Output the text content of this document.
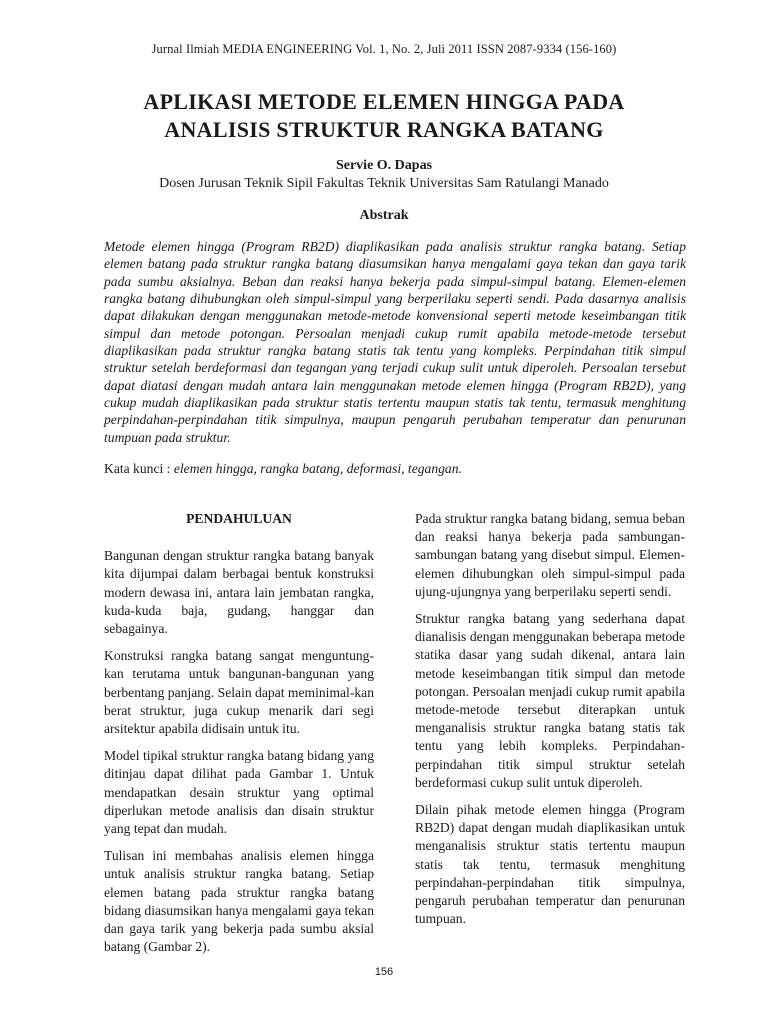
Jurnal Ilmiah MEDIA ENGINEERING Vol. 1, No. 2, Juli 2011 ISSN 2087-9334 (156-160)
APLIKASI METODE ELEMEN HINGGA PADA
ANALISIS STRUKTUR RANGKA BATANG
Servie O. Dapas
Dosen Jurusan Teknik Sipil Fakultas Teknik Universitas Sam Ratulangi Manado
Abstrak
Metode elemen hingga (Program RB2D) diaplikasikan pada analisis struktur rangka batang. Setiap elemen batang pada struktur rangka batang diasumsikan hanya mengalami gaya tekan dan gaya tarik pada sumbu aksialnya. Beban dan reaksi hanya bekerja pada simpul-simpul batang. Elemen-elemen rangka batang dihubungkan oleh simpul-simpul yang berperilaku seperti sendi. Pada dasarnya analisis dapat dilakukan dengan menggunakan metode-metode konvensional seperti metode keseimbangan titik simpul dan metode potongan. Persoalan menjadi cukup rumit apabila metode-metode tersebut diaplikasikan pada struktur rangka batang statis tak tentu yang kompleks. Perpindahan titik simpul struktur setelah berdeformasi dan tegangan yang terjadi cukup sulit untuk diperoleh. Persoalan tersebut dapat diatasi dengan mudah antara lain menggunakan metode elemen hingga (Program RB2D), yang cukup mudah diaplikasikan pada struktur statis tertentu maupun statis tak tentu, termasuk menghitung perpindahan-perpindahan titik simpulnya, maupun pengaruh perubahan temperatur dan penurunan tumpuan pada struktur.
Kata kunci : elemen hingga, rangka batang, deformasi, tegangan.
PENDAHULUAN

Bangunan dengan struktur rangka batang banyak kita dijumpai dalam berbagai bentuk konstruksi modern dewasa ini, antara lain jembatan rangka, kuda-kuda baja, gudang, hanggar dan sebagainya.

Konstruksi rangka batang sangat menguntung-kan terutama untuk bangunan-bangunan yang berbentang panjang. Selain dapat meminimal-kan berat struktur, juga cukup menarik dari segi arsitektur apabila didisain untuk itu.

Model tipikal struktur rangka batang bidang yang ditinjau dapat dilihat pada Gambar 1. Untuk mendapatkan desain struktur yang optimal diperlukan metode analisis dan disain struktur yang tepat dan mudah.

Tulisan ini membahas analisis elemen hingga untuk analisis struktur rangka batang. Setiap elemen batang pada struktur rangka batang bidang diasumsikan hanya mengalami gaya tekan dan gaya tarik yang bekerja pada sumbu aksial batang (Gambar 2).

Pada struktur rangka batang bidang, semua beban dan reaksi hanya bekerja pada sambungan-sambungan batang yang disebut simpul. Elemen-elemen dihubungkan oleh simpul-simpul pada ujung-ujungnya yang berperilaku seperti sendi.

Struktur rangka batang yang sederhana dapat dianalisis dengan menggunakan beberapa metode statika dasar yang sudah dikenal, antara lain metode keseimbangan titik simpul dan metode potongan. Persoalan menjadi cukup rumit apabila metode-metode tersebut diterapkan untuk menganalisis struktur rangka batang statis tak tentu yang lebih kompleks. Perpindahan-perpindahan titik simpul struktur setelah berdeformasi cukup sulit untuk diperoleh.

Dilain pihak metode elemen hingga (Program RB2D) dapat dengan mudah diaplikasikan untuk menganalisis struktur statis tertentu maupun statis tak tentu, termasuk menghitung perpindahan-perpindahan titik simpulnya, pengaruh perubahan temperatur dan penurunan tumpuan.

156
